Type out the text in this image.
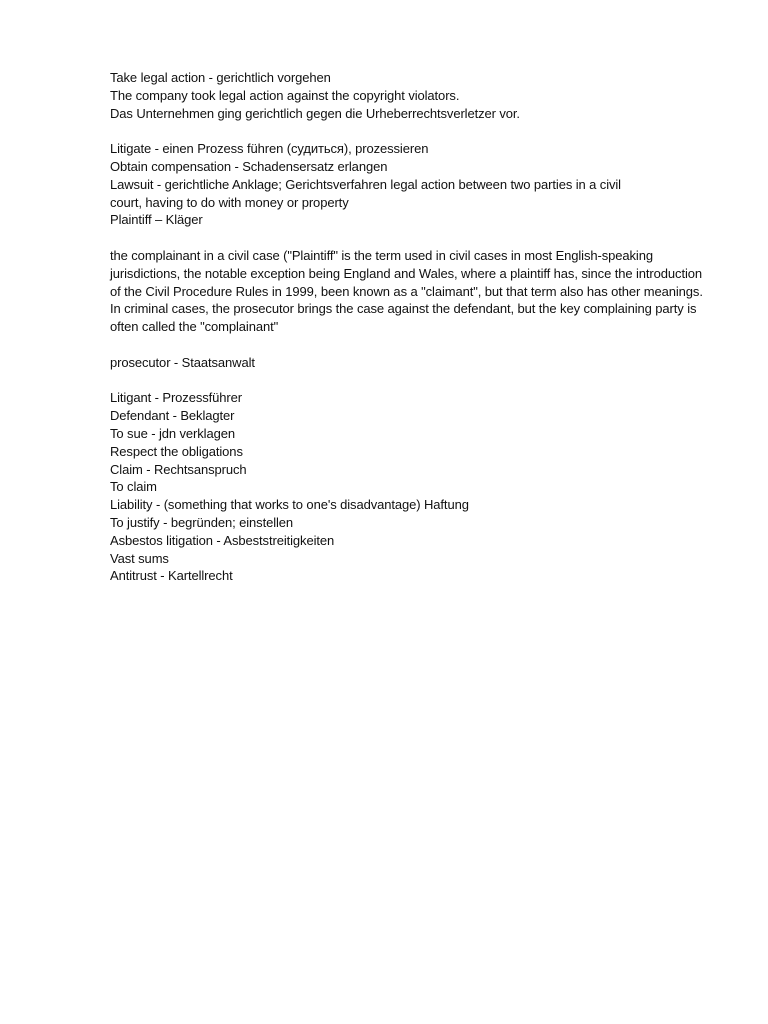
Take legal action - gerichtlich vorgehen
The company took legal action against the copyright violators.
Das Unternehmen ging gerichtlich gegen die Urheberrechtsverletzer vor.
Litigate - einen Prozess führen (судиться), prozessieren
Obtain compensation - Schadensersatz erlangen
Lawsuit - gerichtliche Anklage; Gerichtsverfahren legal action between two parties in a civil
court, having to do with money or property
Plaintiff – Kläger

the complainant in a civil case ("Plaintiff" is the term used in civil cases in most English-speaking jurisdictions, the notable exception being England and Wales, where a plaintiff has, since the introduction of the Civil Procedure Rules in 1999, been known as a "claimant", but that term also has other meanings. In criminal cases, the prosecutor brings the case against the defendant, but the key complaining party is often called the "complainant"

prosecutor - Staatsanwalt
Litigant - Prozessführer
Defendant - Beklagter
To sue - jdn verklagen
Respect the obligations
Claim - Rechtsanspruch
To claim
Liability - (something that works to one's disadvantage) Haftung
To justify - begründen; einstellen
Asbestos litigation - Asbeststreitigkeiten
Vast sums
Antitrust - Kartellrecht
